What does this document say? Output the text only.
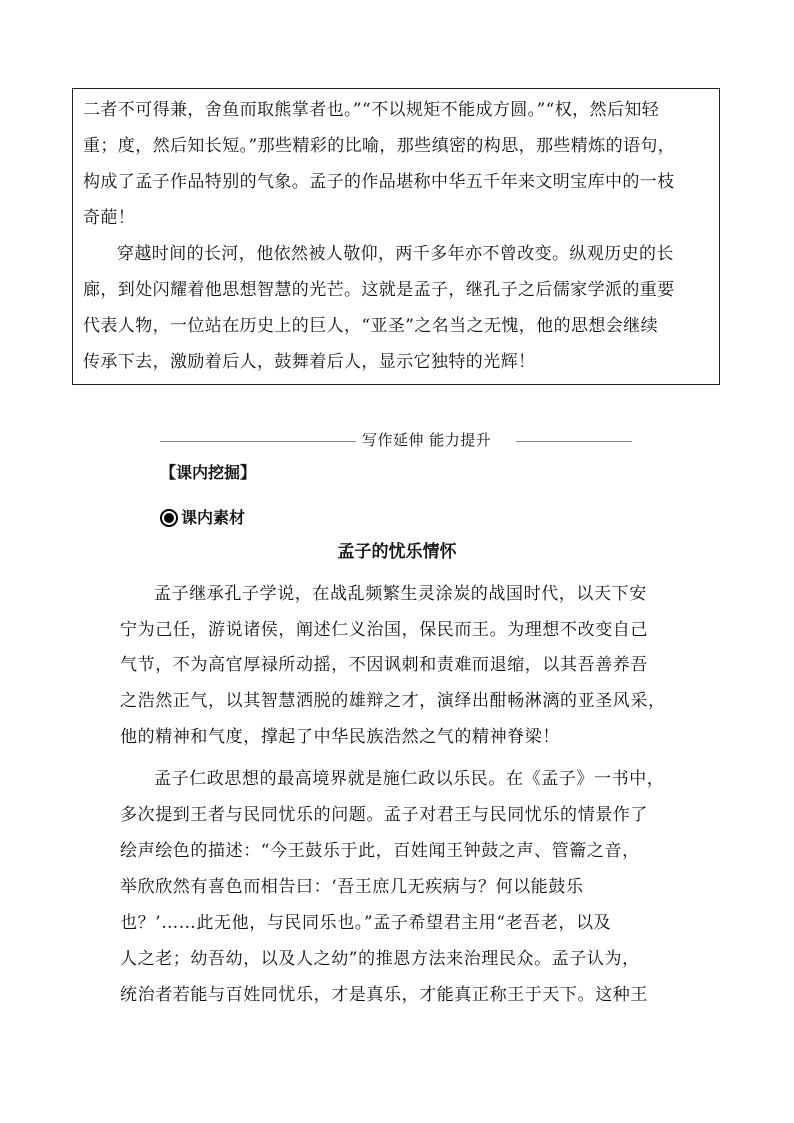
二者不可得兼，舍鱼而取熊掌者也。”“不以规矩不能成方圆。”“权，然后知轻
重；度，然后知长短。”那些精彩的比喻，那些缜密的构思，那些精炼的语句，
构成了孟子作品特别的气象。孟子的作品堪称中华五千年来文明宝库中的一枝
奇葩！
穿越时间的长河，他依然被人敬仰，两千多年亦不曾改变。纵观历史的长
廊，到处闪耀着他思想智慧的光芒。这就是孟子，继孔子之后儒家学派的重要
代表人物，一位站在历史上的巨人，“亚圣”之名当之无愧，他的思想会继续
传承下去，激励着后人，鼓舞着后人，显示它独特的光辉！
写作延伸 能力提升
【课内挖掘】
课内素材
孟子的忧乐情怀
孟子继承孔子学说，在战乱频繁生灵涂炭的战国时代，以天下安
宁为己任，游说诸侯，阐述仁义治国，保民而王。为理想不改变自己
气节，不为高官厚禄所动摇，不因讽刺和责难而退缩，以其吾善养吾
之浩然正气，以其智慧洒脱的雄辩之才，演绎出酣畅淋漓的亚圣风采，
他的精神和气度，撑起了中华民族浩然之气的精神脊梁！
孟子仁政思想的最高境界就是施仁政以乐民。在《孟子》一书中，
多次提到王者与民同忧乐的问题。孟子对君王与民同忧乐的情景作了
绘声绘色的描述：“今王鼓乐于此，百姓闻王钟鼓之声、管籥之音，
举欣欣然有喜色而相告曰：‘吾王庶几无疾病与？何以能鼓乐
也？’……此无他，与民同乐也。”孟子希望君主用“老吾老，以及
人之老；幼吾幼，以及人之幼”的推恩方法来治理民众。孟子认为，
统治者若能与百姓同忧乐，才是真乐，才能真正称王于天下。这种王
